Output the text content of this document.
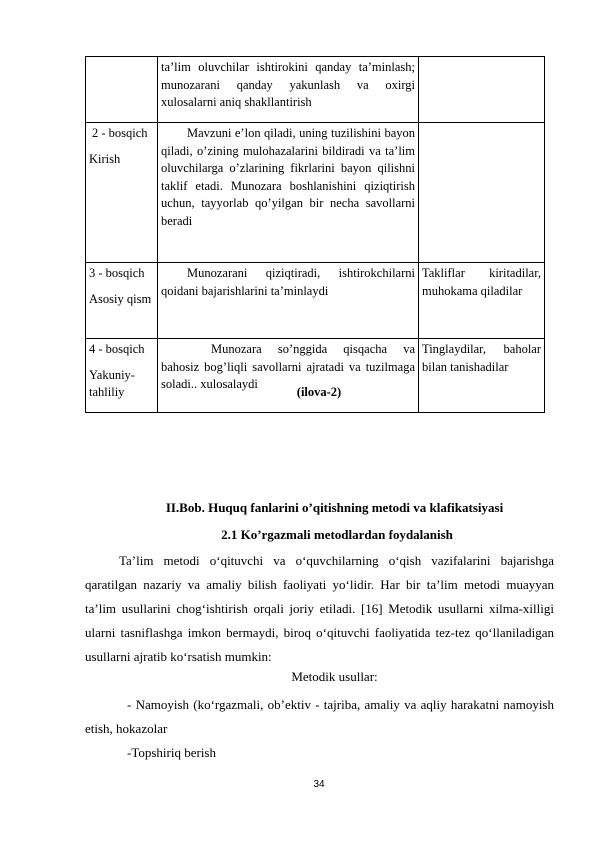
	ta’lim oluvchilar ishtirokini qanday ta’minlash; munozarani qanday yakunlash va oxirgi xulosalarni aniq shakllantirish	

2 - bosqich
Kirish	Mavzuni e’lon qiladi, uning tuzilishini bayon qiladi, o’zining mulohazalarini bildiradi va ta’lim oluvchilarga o’zlarining fikrlarini bayon qilishni taklif etadi. Munozara boshlanishini qiziqtirish uchun, tayyorlab qo’yilgan bir necha savollarni beradi	

3 - bosqich
Asosiy qism	Munozarani qiziqtiradi, ishtirokchilarni qoidani bajarishlarini ta’minlaydi	Takliflar kiritadilar, muhokama qiladilar

4 - bosqich
Yakuniy-tahliliy	Munozara so’nggida qisqacha va bahosiz bog’liqli savollarni ajratadi va tuzilmaga soladi.. xulosalaydi	Tinglaydilar, baholar bilan tanishadilar
(ilova-2)
II.Bob. Huquq fanlarini o’qitishning metodi va klafikatsiyasi
2.1 Ko’rgazmali metodlardan foydalanish
Ta’lim metodi o‘qituvchi va o‘quvchilarning o‘qish vazifalarini bajarishga qaratilgan nazariy va amaliy bilish faoliyati yo‘lidir. Har bir ta’lim metodi muayyan ta’lim usullarini chog‘ishtirish orqali joriy etiladi. [16] Metodik usullarni xilma-xilligi ularni tasniflashga imkon bermaydi, biroq o‘qituvchi faoliyatida tez-tez qo‘llaniladigan usullarni ajratib ko‘rsatish mumkin:
Metodik usullar:
- Namoyish (ko‘rgazmali, ob’ektiv - tajriba, amaliy va aqliy harakatni namoyish etish, hokazolar
-Topshiriq berish
34
